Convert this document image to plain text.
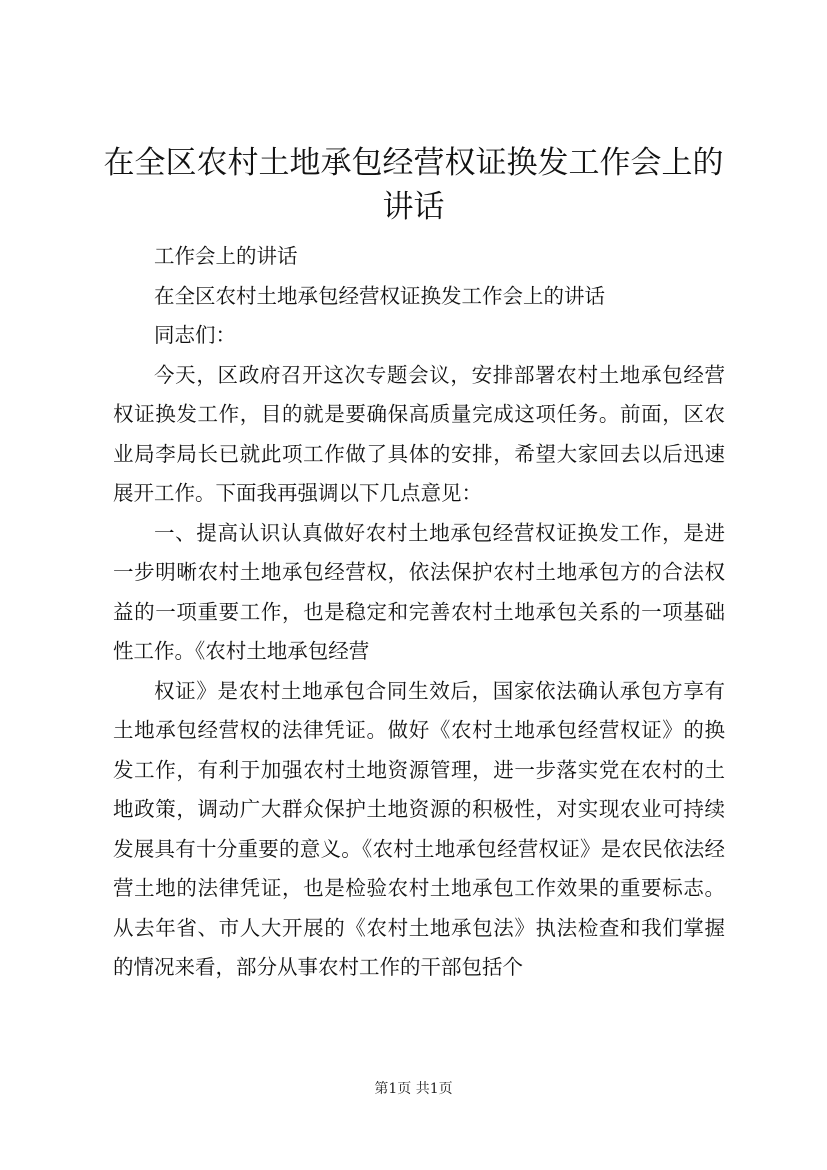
在全区农村土地承包经营权证换发工作会上的讲话

工作会上的讲话

在全区农村土地承包经营权证换发工作会上的讲话

同志们：

今天，区政府召开这次专题会议，安排部署农村土地承包经营权证换发工作，目的就是要确保高质量完成这项任务。前面，区农业局李局长已就此项工作做了具体的安排，希望大家回去以后迅速展开工作。下面我再强调以下几点意见：

一、提高认识认真做好农村土地承包经营权证换发工作，是进一步明晰农村土地承包经营权，依法保护农村土地承包方的合法权益的一项重要工作，也是稳定和完善农村土地承包关系的一项基础性工作。《农村土地承包经营

权证》是农村土地承包合同生效后，国家依法确认承包方享有土地承包经营权的法律凭证。做好《农村土地承包经营权证》的换发工作，有利于加强农村土地资源管理，进一步落实党在农村的土地政策，调动广大群众保护土地资源的积极性，对实现农业可持续发展具有十分重要的意义。《农村土地承包经营权证》是农民依法经营土地的法律凭证，也是检验农村土地承包工作效果的重要标志。从去年省、市人大开展的《农村土地承包法》执法检查和我们掌握的情况来看，部分从事农村工作的干部包括个

第1页 共1页
